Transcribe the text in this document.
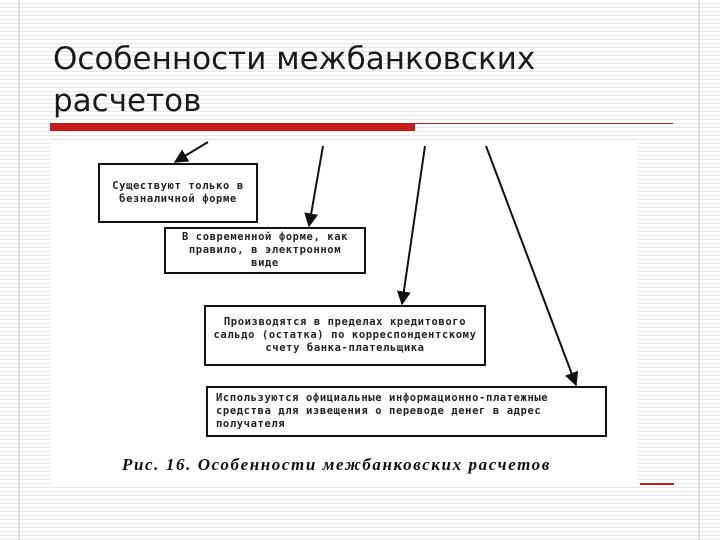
Особенности межбанковских расчетов
Существуют только в безналичной форме
В современной форме, как правило, в электронном виде
Производятся в пределах кредитового сальдо (остатка) по корреспондентскому счету банка-плательщика
Используются официальные информационно-платежные средства для извещения о переводе денег в адрес получателя
Рис. 16. Особенности межбанковских расчетов
